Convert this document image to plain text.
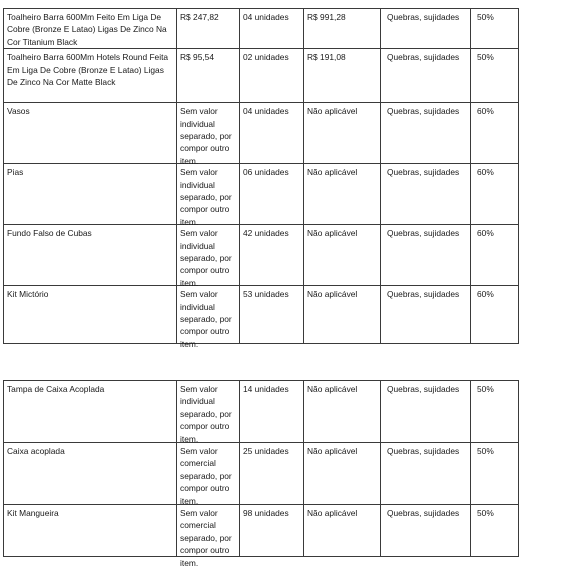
Toalheiro Barra 600Mm Feito Em Liga De Cobre (Bronze E Latao) Ligas De Zinco Na Cor Titanium Black	R$ 247,82	04 unidades	R$ 991,28	Quebras, sujidades	50%

Toalheiro Barra 600Mm Hotels Round Feita Em Liga De Cobre (Bronze E Latao) Ligas De Zinco Na Cor Matte Black	R$ 95,54	02 unidades	R$ 191,08	Quebras, sujidades	50%

Vasos	Sem valor individual separado, por compor outro item.	04 unidades	Não aplicável	Quebras, sujidades	60%

Pias	Sem valor individual separado, por compor outro item.	06 unidades	Não aplicável	Quebras, sujidades	60%

Fundo Falso de Cubas	Sem valor individual separado, por compor outro item.	42 unidades	Não aplicável	Quebras, sujidades	60%

Kit Mictório	Sem valor individual separado, por compor outro item.	53 unidades	Não aplicável	Quebras, sujidades	60%
Tampa de Caixa Acoplada	Sem valor individual separado, por compor outro item.	14 unidades	Não aplicável	Quebras, sujidades	50%

Caixa acoplada	Sem valor comercial separado, por compor outro item.	25 unidades	Não aplicável	Quebras, sujidades	50%

Kit Mangueira	Sem valor comercial separado, por compor outro item.	98 unidades	Não aplicável	Quebras, sujidades	50%
